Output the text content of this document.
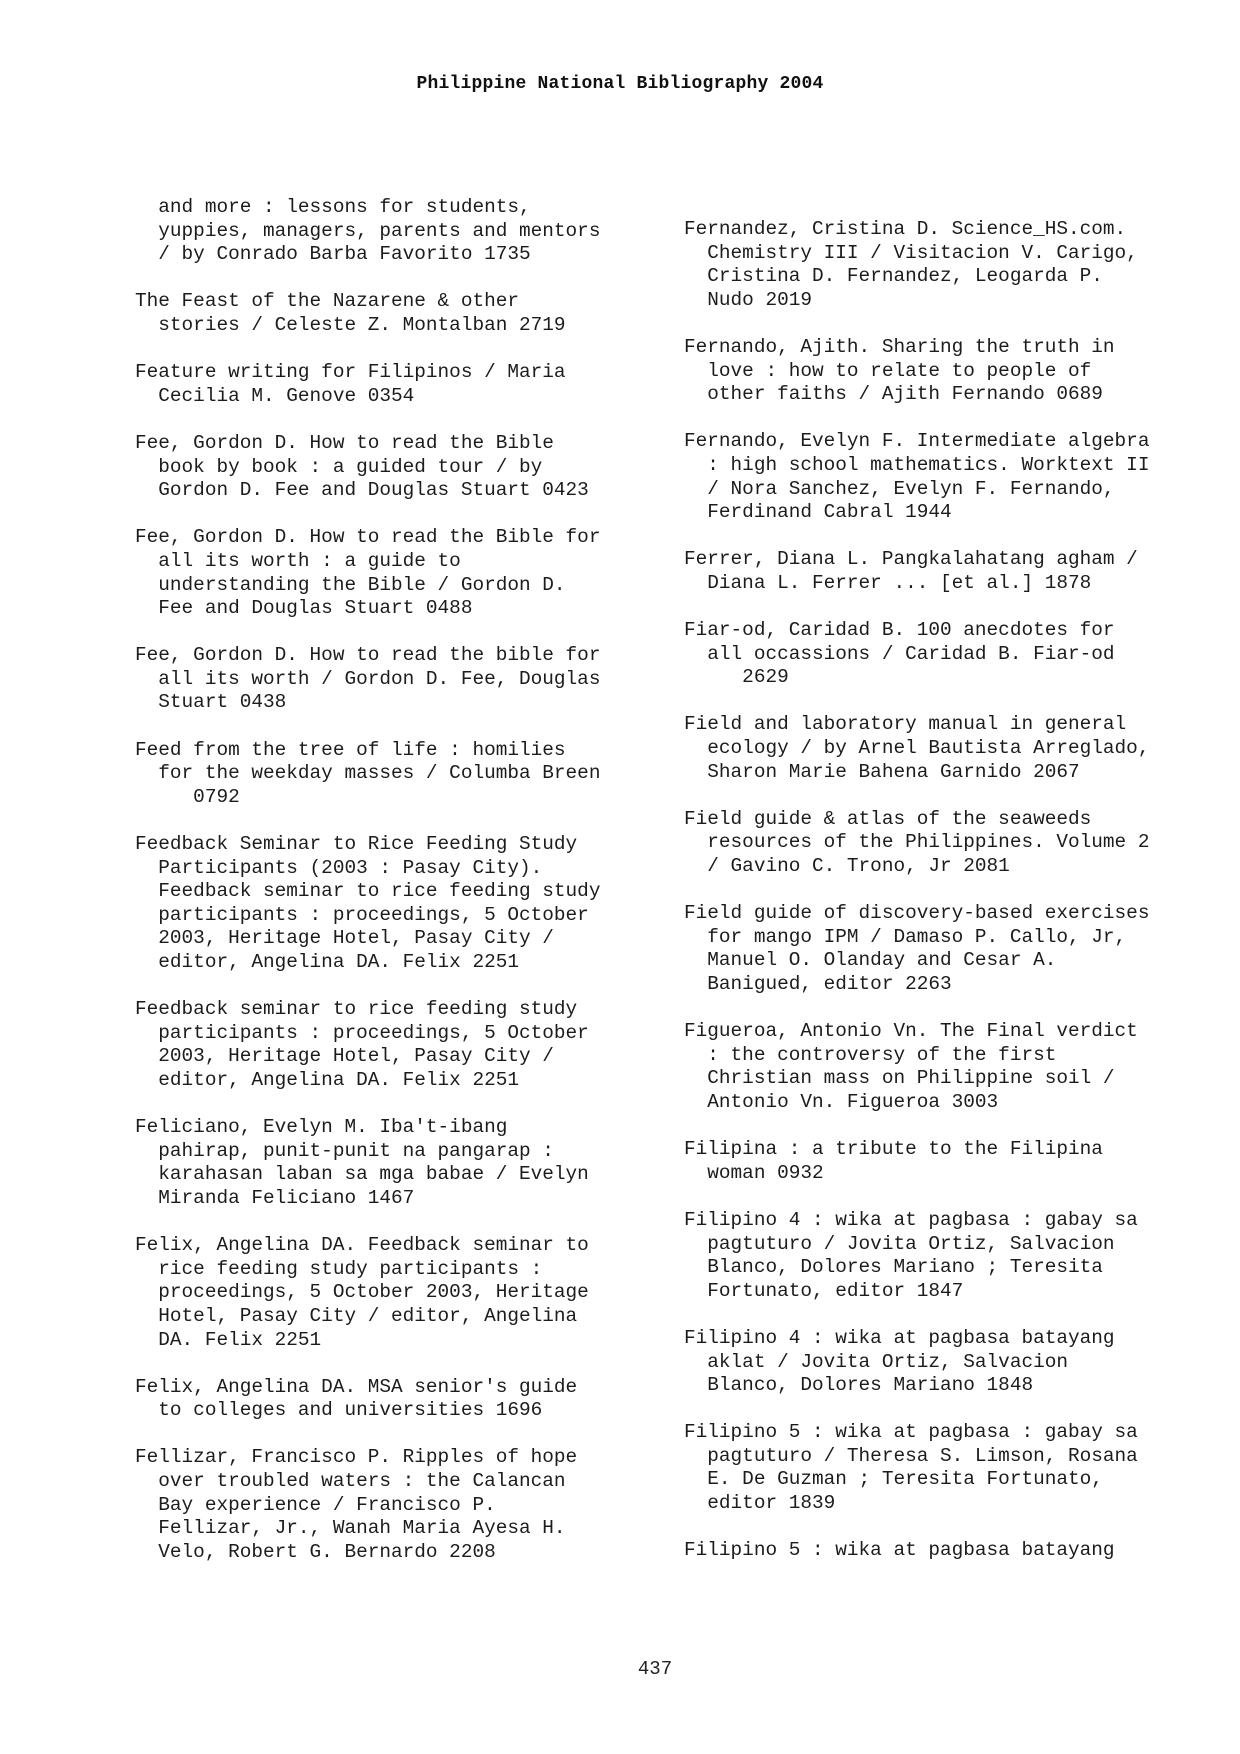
Philippine National Bibliography 2004
and more : lessons for students,
yuppies, managers, parents and mentors
/ by Conrado Barba Favorito 1735
The Feast of the Nazarene & other
stories / Celeste Z. Montalban 2719
Feature writing for Filipinos / Maria
Cecilia M. Genove 0354
Fee, Gordon D. How to read the Bible
book by book : a guided tour / by
Gordon D. Fee and Douglas Stuart 0423
Fee, Gordon D. How to read the Bible for
all its worth : a guide to
understanding the Bible / Gordon D.
Fee and Douglas Stuart 0488
Fee, Gordon D. How to read the bible for
all its worth / Gordon D. Fee, Douglas
Stuart 0438
Feed from the tree of life : homilies
for the weekday masses / Columba Breen
0792
Feedback Seminar to Rice Feeding Study
Participants (2003 : Pasay City).
Feedback seminar to rice feeding study
participants : proceedings, 5 October
2003, Heritage Hotel, Pasay City /
editor, Angelina DA. Felix 2251
Feedback seminar to rice feeding study
participants : proceedings, 5 October
2003, Heritage Hotel, Pasay City /
editor, Angelina DA. Felix 2251
Feliciano, Evelyn M. Iba't-ibang
pahirap, punit-punit na pangarap :
karahasan laban sa mga babae / Evelyn
Miranda Feliciano 1467
Felix, Angelina DA. Feedback seminar to
rice feeding study participants :
proceedings, 5 October 2003, Heritage
Hotel, Pasay City / editor, Angelina
DA. Felix 2251
Felix, Angelina DA. MSA senior's guide
to colleges and universities 1696
Fellizar, Francisco P. Ripples of hope
over troubled waters : the Calancan
Bay experience / Francisco P.
Fellizar, Jr., Wanah Maria Ayesa H.
Velo, Robert G. Bernardo 2208
Fernandez, Cristina D. Science_HS.com.
Chemistry III / Visitacion V. Carigo,
Cristina D. Fernandez, Leogarda P.
Nudo 2019
Fernando, Ajith. Sharing the truth in
love : how to relate to people of
other faiths / Ajith Fernando 0689
Fernando, Evelyn F. Intermediate algebra
: high school mathematics. Worktext II
/ Nora Sanchez, Evelyn F. Fernando,
Ferdinand Cabral 1944
Ferrer, Diana L. Pangkalahatang agham /
Diana L. Ferrer ... [et al.] 1878
Fiar-od, Caridad B. 100 anecdotes for
all occassions / Caridad B. Fiar-od
2629
Field and laboratory manual in general
ecology / by Arnel Bautista Arreglado,
Sharon Marie Bahena Garnido 2067
Field guide & atlas of the seaweeds
resources of the Philippines. Volume 2
/ Gavino C. Trono, Jr 2081
Field guide of discovery-based exercises
for mango IPM / Damaso P. Callo, Jr,
Manuel O. Olanday and Cesar A.
Banigued, editor 2263
Figueroa, Antonio Vn. The Final verdict
: the controversy of the first
Christian mass on Philippine soil /
Antonio Vn. Figueroa 3003
Filipina : a tribute to the Filipina
woman 0932
Filipino 4 : wika at pagbasa : gabay sa
pagtuturo / Jovita Ortiz, Salvacion
Blanco, Dolores Mariano ; Teresita
Fortunato, editor 1847
Filipino 4 : wika at pagbasa batayang
aklat / Jovita Ortiz, Salvacion
Blanco, Dolores Mariano 1848
Filipino 5 : wika at pagbasa : gabay sa
pagtuturo / Theresa S. Limson, Rosana
E. De Guzman ; Teresita Fortunato,
editor 1839
Filipino 5 : wika at pagbasa batayang
437
